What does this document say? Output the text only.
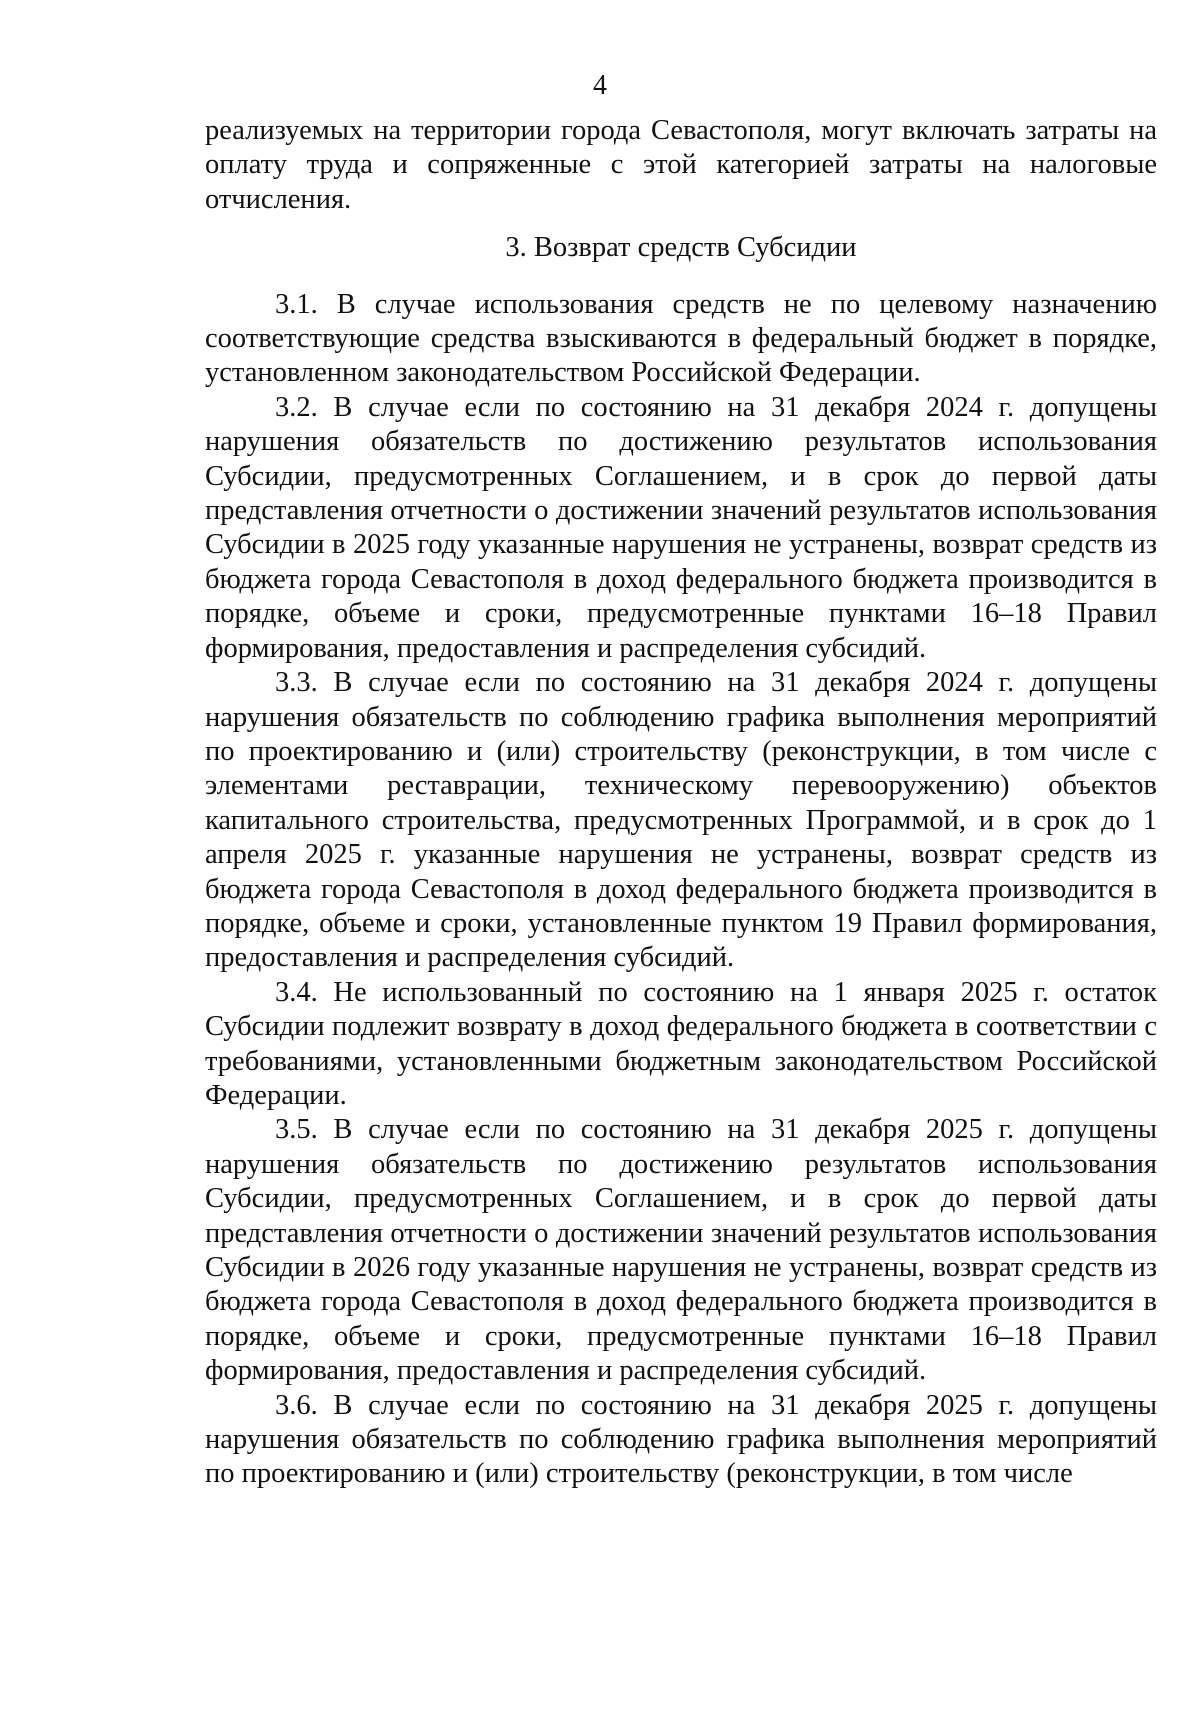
4

реализуемых на территории города Севастополя, могут включать затраты на оплату труда и сопряженные с этой категорией затраты на налоговые отчисления.

3. Возврат средств Субсидии

3.1. В случае использования средств не по целевому назначению соответствующие средства взыскиваются в федеральный бюджет в порядке, установленном законодательством Российской Федерации.

3.2. В случае если по состоянию на 31 декабря 2024 г. допущены нарушения обязательств по достижению результатов использования Субсидии, предусмотренных Соглашением, и в срок до первой даты представления отчетности о достижении значений результатов использования Субсидии в 2025 году указанные нарушения не устранены, возврат средств из бюджета города Севастополя в доход федерального бюджета производится в порядке, объеме и сроки, предусмотренные пунктами 16–18 Правил формирования, предоставления и распределения субсидий.

3.3. В случае если по состоянию на 31 декабря 2024 г. допущены нарушения обязательств по соблюдению графика выполнения мероприятий по проектированию и (или) строительству (реконструкции, в том числе с элементами реставрации, техническому перевооружению) объектов капитального строительства, предусмотренных Программой, и в срок до 1 апреля 2025 г. указанные нарушения не устранены, возврат средств из бюджета города Севастополя в доход федерального бюджета производится в порядке, объеме и сроки, установленные пунктом 19 Правил формирования, предоставления и распределения субсидий.

3.4. Не использованный по состоянию на 1 января 2025 г. остаток Субсидии подлежит возврату в доход федерального бюджета в соответствии с требованиями, установленными бюджетным законодательством Российской Федерации.

3.5. В случае если по состоянию на 31 декабря 2025 г. допущены нарушения обязательств по достижению результатов использования Субсидии, предусмотренных Соглашением, и в срок до первой даты представления отчетности о достижении значений результатов использования Субсидии в 2026 году указанные нарушения не устранены, возврат средств из бюджета города Севастополя в доход федерального бюджета производится в порядке, объеме и сроки, предусмотренные пунктами 16–18 Правил формирования, предоставления и распределения субсидий.

3.6. В случае если по состоянию на 31 декабря 2025 г. допущены нарушения обязательств по соблюдению графика выполнения мероприятий по проектированию и (или) строительству (реконструкции, в том числе
